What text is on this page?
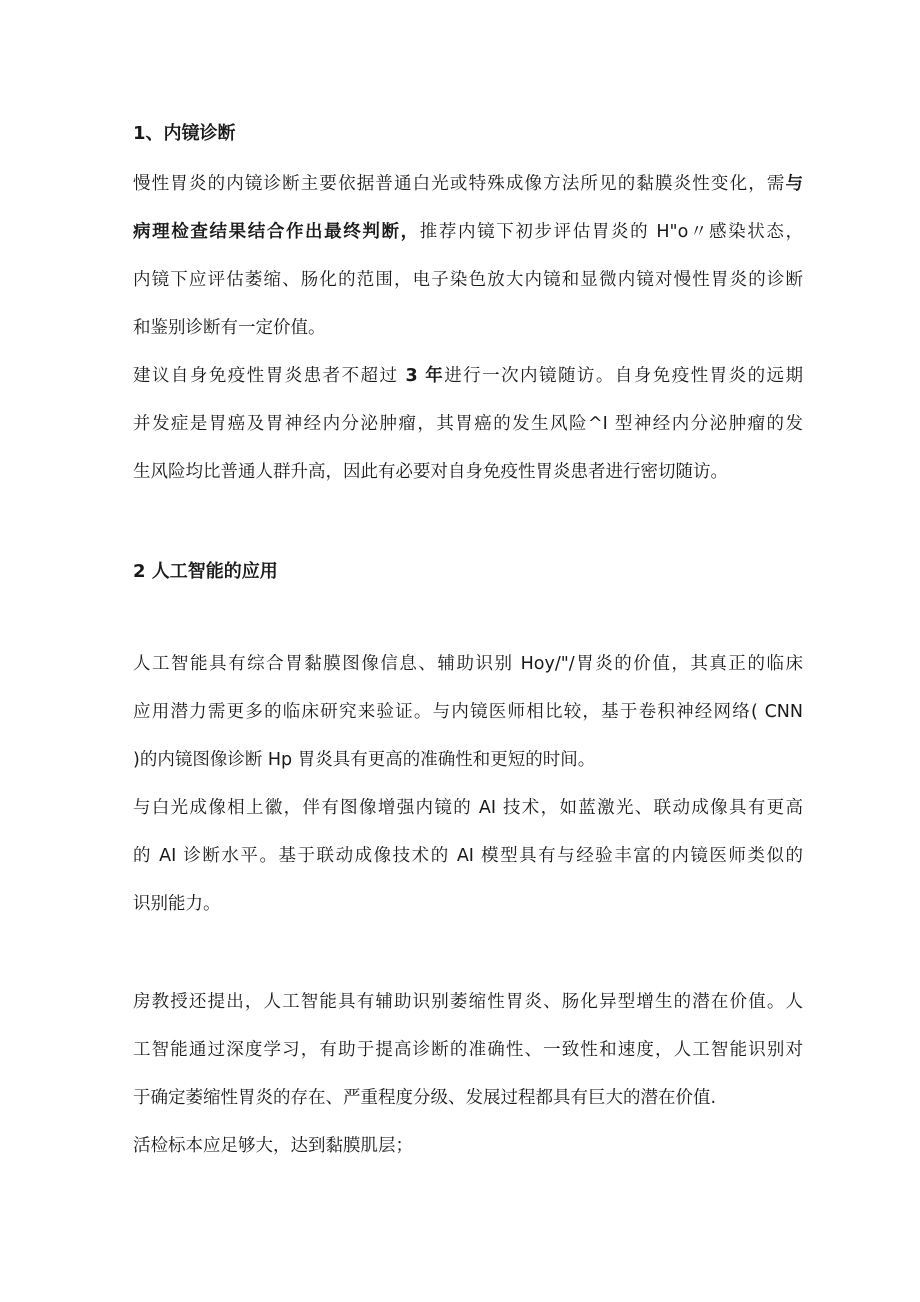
1、内镜诊断
慢性胃炎的内镜诊断主要依据普通白光或特殊成像方法所见的黏膜炎性变化，需与
病理检查结果结合作出最终判断，推荐内镜下初步评估胃炎的 H"o〃感染状态，
内镜下应评估萎缩、肠化的范围，电子染色放大内镜和显微内镜对慢性胃炎的诊断
和鉴别诊断有一定价值。
建议自身免疫性胃炎患者不超过 3 年进行一次内镜随访。自身免疫性胃炎的远期
并发症是胃癌及胃神经内分泌肿瘤，其胃癌的发生风险^I 型神经内分泌肿瘤的发
生风险均比普通人群升高，因此有必要对自身免疫性胃炎患者进行密切随访。
2 人工智能的应用
人工智能具有综合胃黏膜图像信息、辅助识别 Hoy/"/胃炎的价值，其真正的临床
应用潜力需更多的临床研究来验证。与内镜医师相比较，基于卷积神经网络( CNN
)的内镜图像诊断 Hp 胃炎具有更高的准确性和更短的时间。
与白光成像相上徽，伴有图像增强内镜的 AI 技术，如蓝激光、联动成像具有更高
的 AI 诊断水平。基于联动成像技术的 AI 模型具有与经验丰富的内镜医师类似的
识别能力。
房教授还提出，人工智能具有辅助识别萎缩性胃炎、肠化异型增生的潜在价值。人
工智能通过深度学习，有助于提高诊断的准确性、一致性和速度，人工智能识别对
于确定萎缩性胃炎的存在、严重程度分级、发展过程都具有巨大的潜在价值.
活检标本应足够大，达到黏膜肌层；
